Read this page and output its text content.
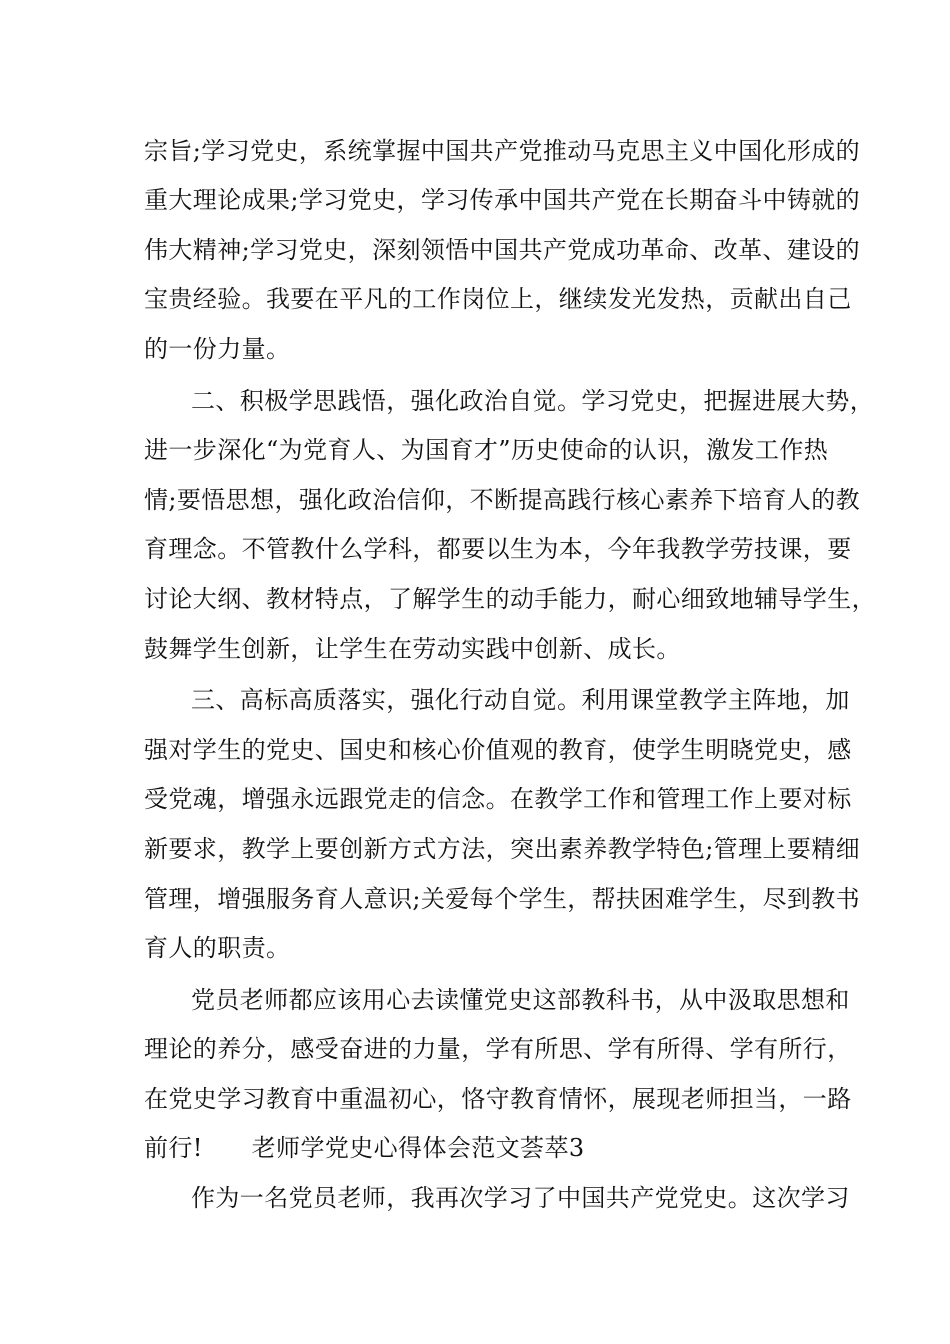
宗旨;学习党史，系统掌握中国共产党推动马克思主义中国化形成的
重大理论成果;学习党史，学习传承中国共产党在长期奋斗中铸就的
伟大精神;学习党史，深刻领悟中国共产党成功革命、改革、建设的
宝贵经验。我要在平凡的工作岗位上，继续发光发热，贡献出自己
的一份力量。
二、积极学思践悟，强化政治自觉。学习党史，把握进展大势，
进一步深化“为党育人、为国育才”历史使命的认识，激发工作热
情;要悟思想，强化政治信仰，不断提高践行核心素养下培育人的教
育理念。不管教什么学科，都要以生为本，今年我教学劳技课，要
讨论大纲、教材特点，了解学生的动手能力，耐心细致地辅导学生，
鼓舞学生创新，让学生在劳动实践中创新、成长。
三、高标高质落实，强化行动自觉。利用课堂教学主阵地，加
强对学生的党史、国史和核心价值观的教育，使学生明晓党史，感
受党魂，增强永远跟党走的信念。在教学工作和管理工作上要对标
新要求，教学上要创新方式方法，突出素养教学特色;管理上要精细
管理，增强服务育人意识;关爱每个学生，帮扶困难学生，尽到教书
育人的职责。
党员老师都应该用心去读懂党史这部教科书，从中汲取思想和
理论的养分，感受奋进的力量，学有所思、学有所得、学有所行，
在党史学习教育中重温初心，恪守教育情怀，展现老师担当，一路
前行!　　老师学党史心得体会范文荟萃3
作为一名党员老师，我再次学习了中国共产党党史。这次学习
